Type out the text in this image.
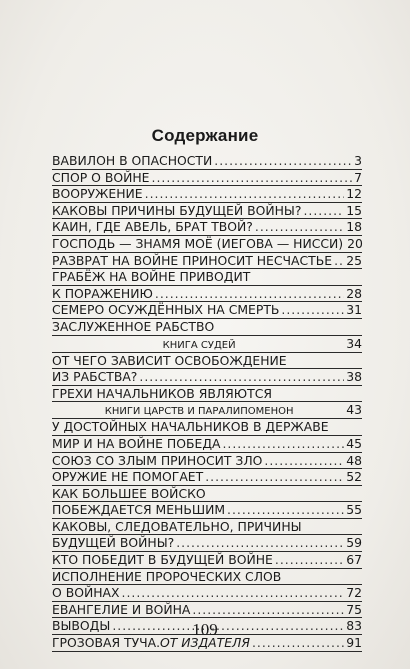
Содержание
ВАВИЛОН В ОПАСНОСТИ .....	3
СПОР О ВОЙНЕ .....	7
ВООРУЖЕНИЕ .....	12
КАКОВЫ ПРИЧИНЫ БУДУЩЕЙ ВОЙНЫ? .....	15
КАИН, ГДЕ АВЕЛЬ, БРАТ ТВОЙ? .....	18
ГОСПОДЬ — ЗНАМЯ МОЁ (ИЕГОВА — НИССИ) 20
РАЗВРАТ НА ВОЙНЕ ПРИНОСИТ НЕСЧАСТЬЕ ..... 25
ГРАБЁЖ НА ВОЙНЕ ПРИВОДИТ
К ПОРАЖЕНИЮ .....	28
СЕМЕРО ОСУЖДЁННЫХ НА СМЕРТЬ .....	31
ЗАСЛУЖЕННОЕ РАБСТВО
КНИГА СУДЕЙ	34
ОТ ЧЕГО ЗАВИСИТ ОСВОБОЖДЕНИЕ
ИЗ РАБСТВА? .....	38
ГРЕХИ НАЧАЛЬНИКОВ ЯВЛЯЮТСЯ
КНИГИ ЦАРСТВ И ПАРАЛИПОМЕНОН	43
У ДОСТОЙНЫХ НАЧАЛЬНИКОВ В ДЕРЖАВЕ
МИР И НА ВОЙНЕ ПОБЕДА .....	45
СОЮЗ СО ЗЛЫМ ПРИНОСИТ ЗЛО .....	48
ОРУЖИЕ НЕ ПОМОГАЕТ .....	52
КАК БОЛЬШЕЕ ВОЙСКО
ПОБЕЖДАЕТСЯ МЕНЬШИМ .....	55
КАКОВЫ, СЛЕДОВАТЕЛЬНО, ПРИЧИНЫ
БУДУЩЕЙ ВОЙНЫ? .....	59
КТО ПОБЕДИТ В БУДУЩЕЙ ВОЙНЕ .....	67
ИСПОЛНЕНИЕ ПРОРОЧЕСКИХ СЛОВ
О ВОЙНАХ .....	72
ЕВАНГЕЛИЕ И ВОЙНА .....	75
ВЫВОДЫ .....	83
ГРОЗОВАЯ ТУЧА. ОТ ИЗДАТЕЛЯ .....	91
109
